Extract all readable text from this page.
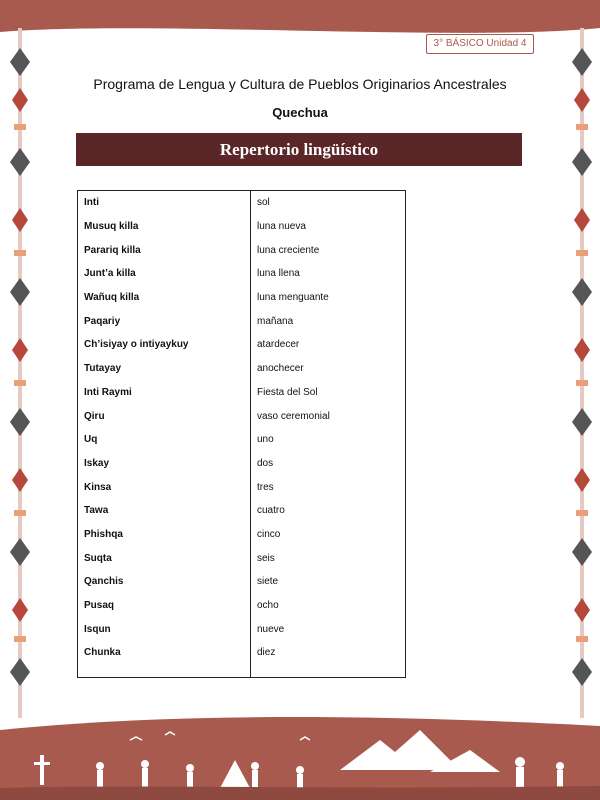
3° BÁSICO Unidad 4
Programa de Lengua y Cultura de Pueblos Originarios Ancestrales
Quechua
Repertorio lingüístico
Inti	sol
Musuq killa	luna nueva
Parariq killa	luna creciente
Junt’a killa	luna llena
Wañuq killa	luna menguante
Paqariy	mañana
Ch’isiyay o intiyaykuy	atardecer
Tutayay	anochecer
Inti Raymi	Fiesta del Sol
Qiru	vaso ceremonial
Uq	uno
Iskay	dos
Kinsa	tres
Tawa	cuatro
Phishqa	cinco
Suqta	seis
Qanchis	siete
Pusaq	ocho
Isqun	nueve
Chunka	diez
